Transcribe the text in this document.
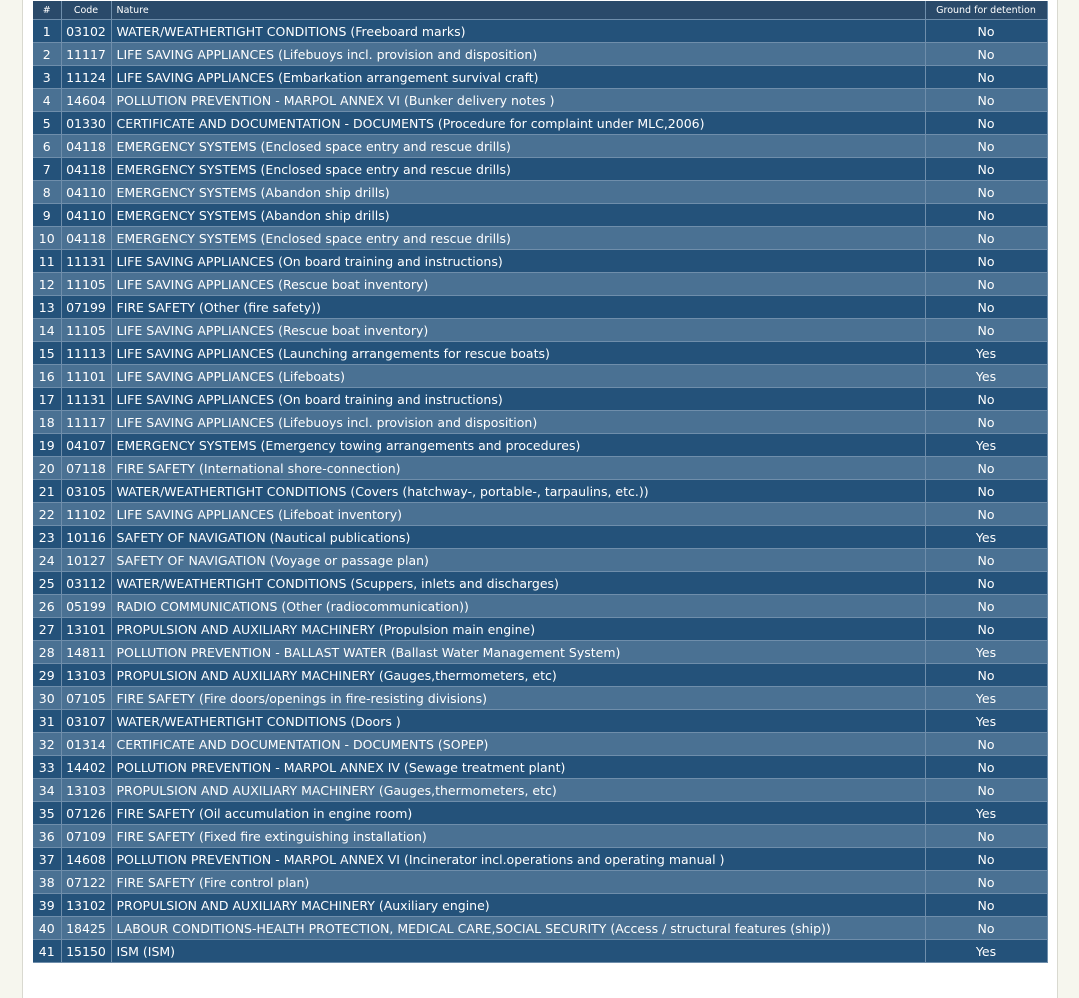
#	Code	Nature	Ground for detention
1	03102	WATER/WEATHERTIGHT CONDITIONS (Freeboard marks)	No
2	11117	LIFE SAVING APPLIANCES (Lifebuoys incl. provision and disposition)	No
3	11124	LIFE SAVING APPLIANCES (Embarkation arrangement survival craft)	No
4	14604	POLLUTION PREVENTION - MARPOL ANNEX VI (Bunker delivery notes )	No
5	01330	CERTIFICATE AND DOCUMENTATION - DOCUMENTS (Procedure for complaint under MLC,2006)	No
6	04118	EMERGENCY SYSTEMS (Enclosed space entry and rescue drills)	No
7	04118	EMERGENCY SYSTEMS (Enclosed space entry and rescue drills)	No
8	04110	EMERGENCY SYSTEMS (Abandon ship drills)	No
9	04110	EMERGENCY SYSTEMS (Abandon ship drills)	No
10	04118	EMERGENCY SYSTEMS (Enclosed space entry and rescue drills)	No
11	11131	LIFE SAVING APPLIANCES (On board training and instructions)	No
12	11105	LIFE SAVING APPLIANCES (Rescue boat inventory)	No
13	07199	FIRE SAFETY (Other (fire safety))	No
14	11105	LIFE SAVING APPLIANCES (Rescue boat inventory)	No
15	11113	LIFE SAVING APPLIANCES (Launching arrangements for rescue boats)	Yes
16	11101	LIFE SAVING APPLIANCES (Lifeboats)	Yes
17	11131	LIFE SAVING APPLIANCES (On board training and instructions)	No
18	11117	LIFE SAVING APPLIANCES (Lifebuoys incl. provision and disposition)	No
19	04107	EMERGENCY SYSTEMS (Emergency towing arrangements and procedures)	Yes
20	07118	FIRE SAFETY (International shore-connection)	No
21	03105	WATER/WEATHERTIGHT CONDITIONS (Covers (hatchway-, portable-, tarpaulins, etc.))	No
22	11102	LIFE SAVING APPLIANCES (Lifeboat inventory)	No
23	10116	SAFETY OF NAVIGATION (Nautical publications)	Yes
24	10127	SAFETY OF NAVIGATION (Voyage or passage plan)	No
25	03112	WATER/WEATHERTIGHT CONDITIONS (Scuppers, inlets and discharges)	No
26	05199	RADIO COMMUNICATIONS (Other (radiocommunication))	No
27	13101	PROPULSION AND AUXILIARY MACHINERY (Propulsion main engine)	No
28	14811	POLLUTION PREVENTION - BALLAST WATER (Ballast Water Management System)	Yes
29	13103	PROPULSION AND AUXILIARY MACHINERY (Gauges,thermometers, etc)	No
30	07105	FIRE SAFETY (Fire doors/openings in fire-resisting divisions)	Yes
31	03107	WATER/WEATHERTIGHT CONDITIONS (Doors )	Yes
32	01314	CERTIFICATE AND DOCUMENTATION - DOCUMENTS (SOPEP)	No
33	14402	POLLUTION PREVENTION - MARPOL ANNEX IV (Sewage treatment plant)	No
34	13103	PROPULSION AND AUXILIARY MACHINERY (Gauges,thermometers, etc)	No
35	07126	FIRE SAFETY (Oil accumulation in engine room)	Yes
36	07109	FIRE SAFETY (Fixed fire extinguishing installation)	No
37	14608	POLLUTION PREVENTION - MARPOL ANNEX VI (Incinerator incl.operations and operating manual )	No
38	07122	FIRE SAFETY (Fire control plan)	No
39	13102	PROPULSION AND AUXILIARY MACHINERY (Auxiliary engine)	No
40	18425	LABOUR CONDITIONS-HEALTH PROTECTION, MEDICAL CARE,SOCIAL SECURITY (Access / structural features (ship))	No
41	15150	ISM (ISM)	Yes
